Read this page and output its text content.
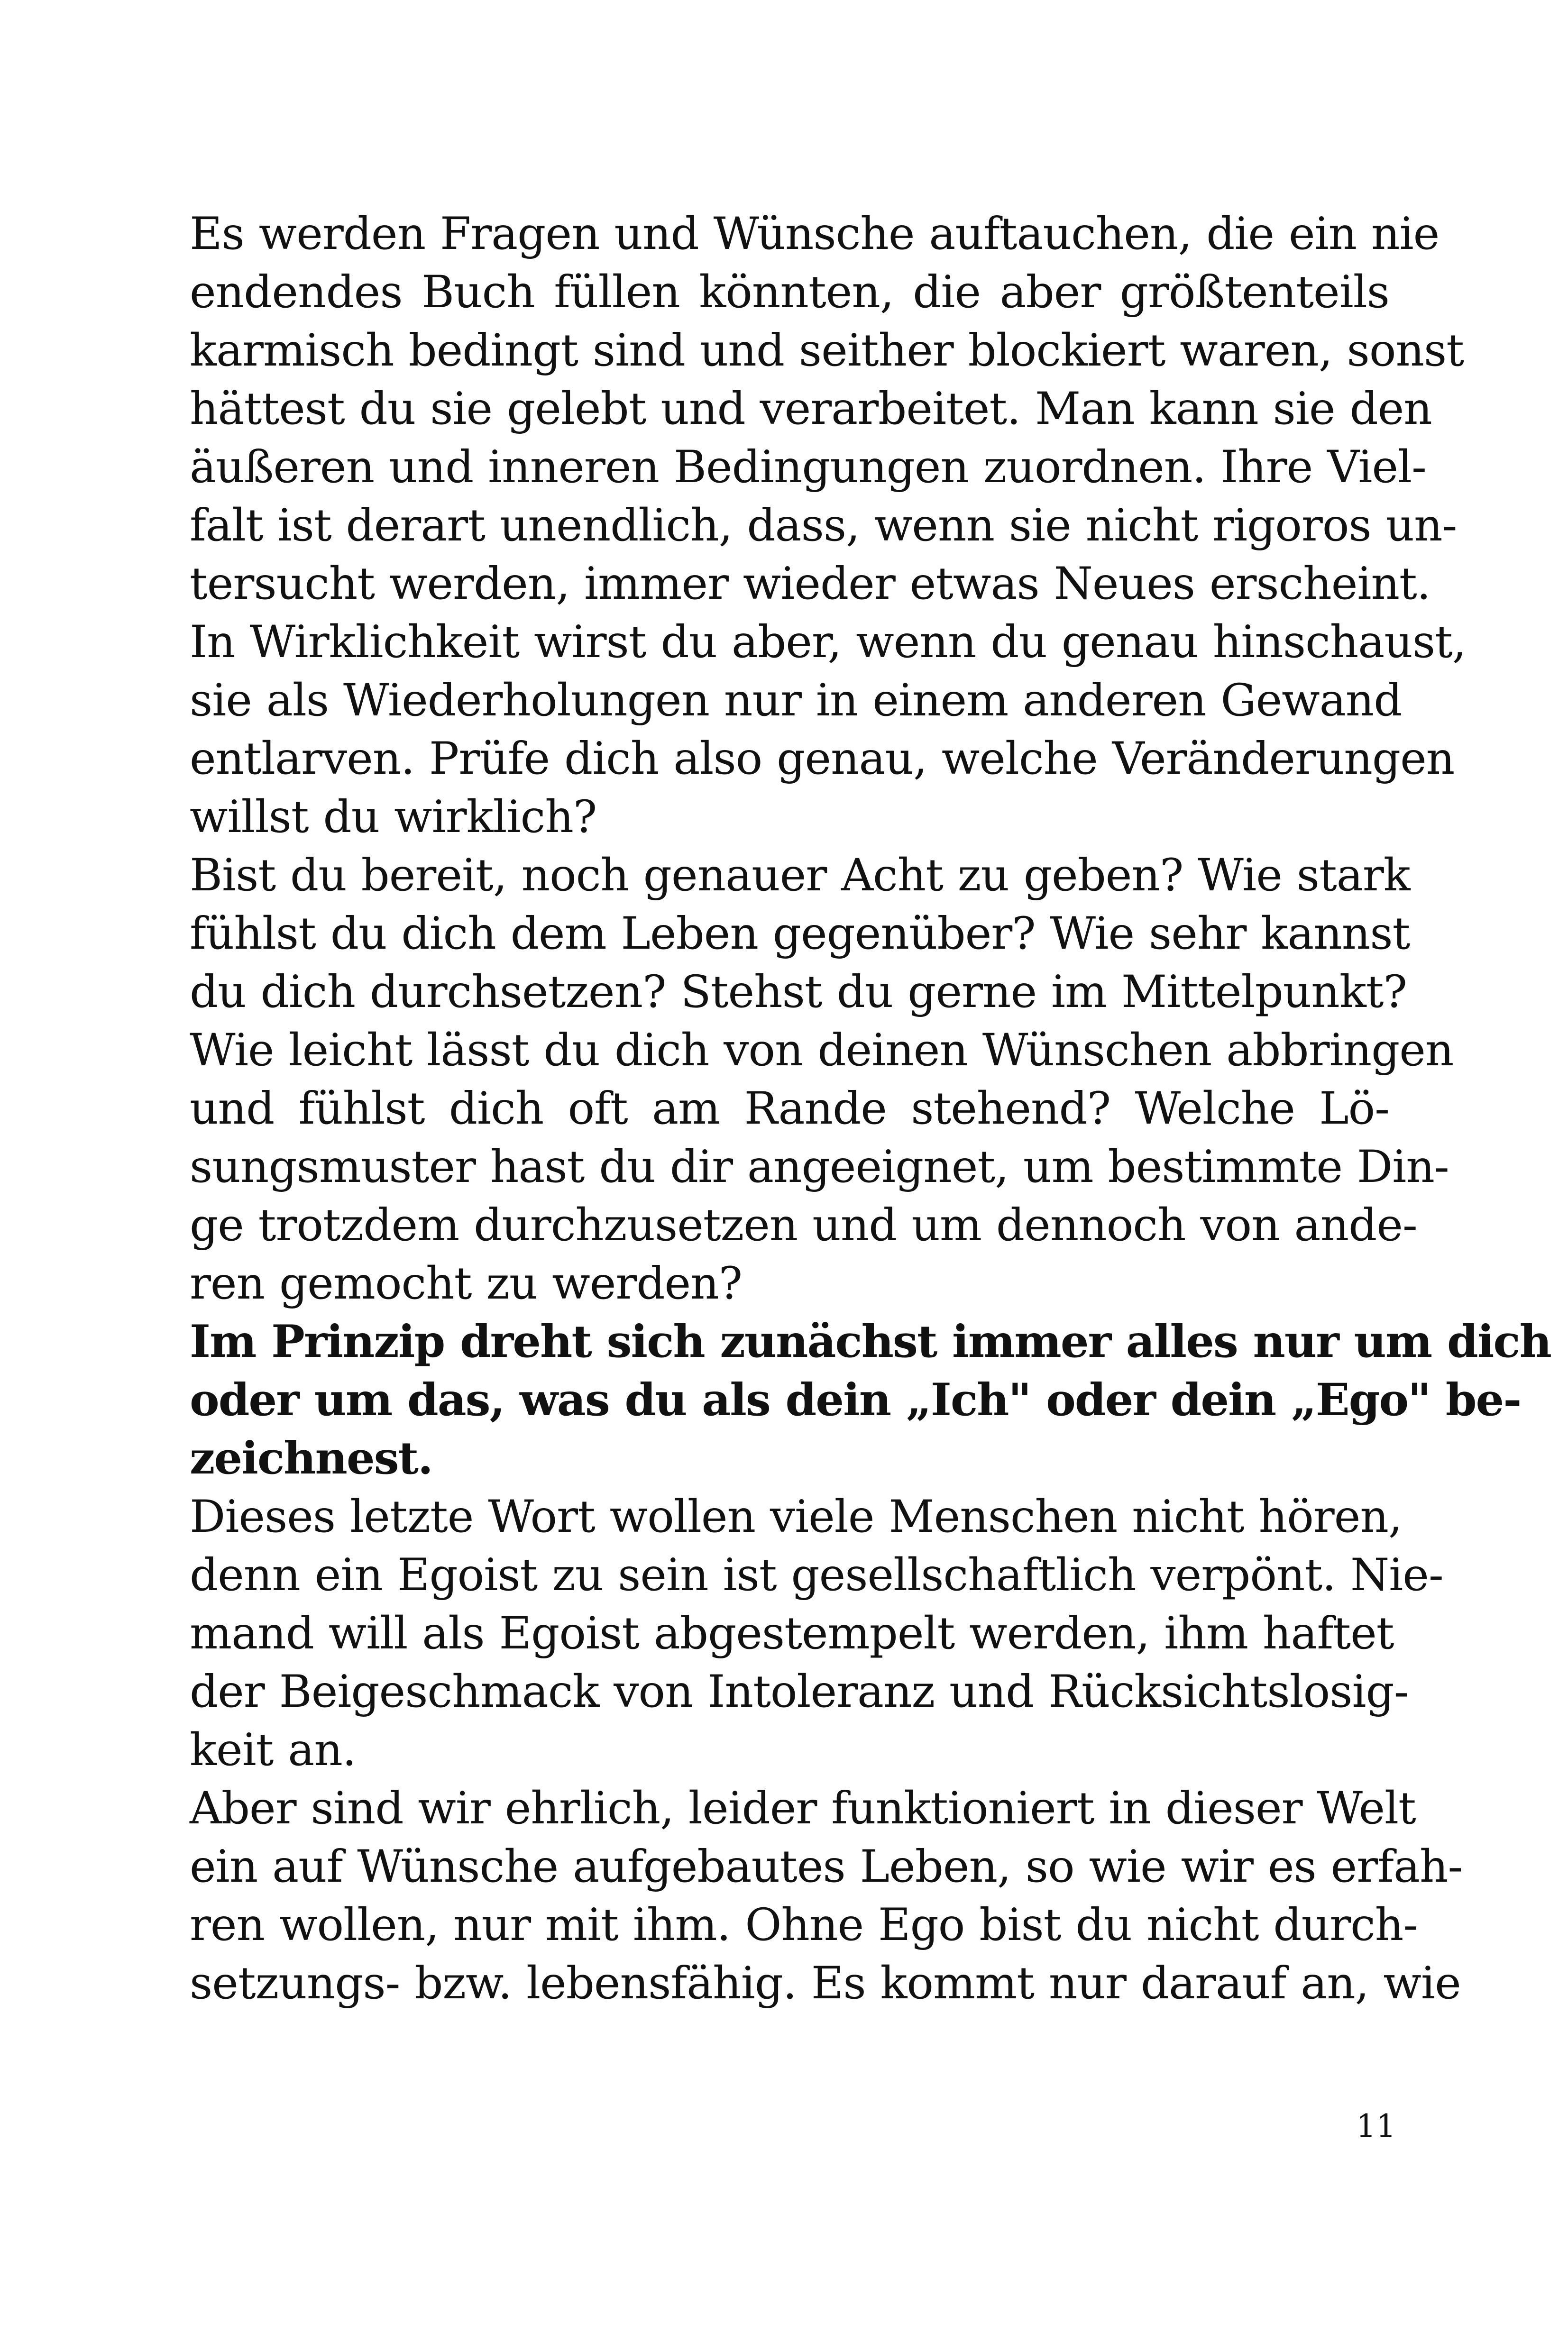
Es werden Fragen und Wünsche auftauchen, die ein nie
endendes Buch füllen könnten, die aber größtenteils
karmisch bedingt sind und seither blockiert waren, sonst
hättest du sie gelebt und verarbeitet. Man kann sie den
äußeren und inneren Bedingungen zuordnen. Ihre Viel-
falt ist derart unendlich, dass, wenn sie nicht rigoros un-
tersucht werden, immer wieder etwas Neues erscheint.
In Wirklichkeit wirst du aber, wenn du genau hinschaust,
sie als Wiederholungen nur in einem anderen Gewand
entlarven. Prüfe dich also genau, welche Veränderungen
willst du wirklich?
Bist du bereit, noch genauer Acht zu geben? Wie stark
fühlst du dich dem Leben gegenüber? Wie sehr kannst
du dich durchsetzen? Stehst du gerne im Mittelpunkt?
Wie leicht lässt du dich von deinen Wünschen abbringen
und fühlst dich oft am Rande stehend? Welche Lö-
sungsmuster hast du dir angeeignet, um bestimmte Din-
ge trotzdem durchzusetzen und um dennoch von ande-
ren gemocht zu werden?
Im Prinzip dreht sich zunächst immer alles nur um dich
oder um das, was du als dein „Ich" oder dein „Ego" be-
zeichnest.
Dieses letzte Wort wollen viele Menschen nicht hören,
denn ein Egoist zu sein ist gesellschaftlich verpönt. Nie-
mand will als Egoist abgestempelt werden, ihm haftet
der Beigeschmack von Intoleranz und Rücksichtslosig-
keit an.
Aber sind wir ehrlich, leider funktioniert in dieser Welt
ein auf Wünsche aufgebautes Leben, so wie wir es erfah-
ren wollen, nur mit ihm. Ohne Ego bist du nicht durch-
setzungs- bzw. lebensfähig. Es kommt nur darauf an, wie
11
